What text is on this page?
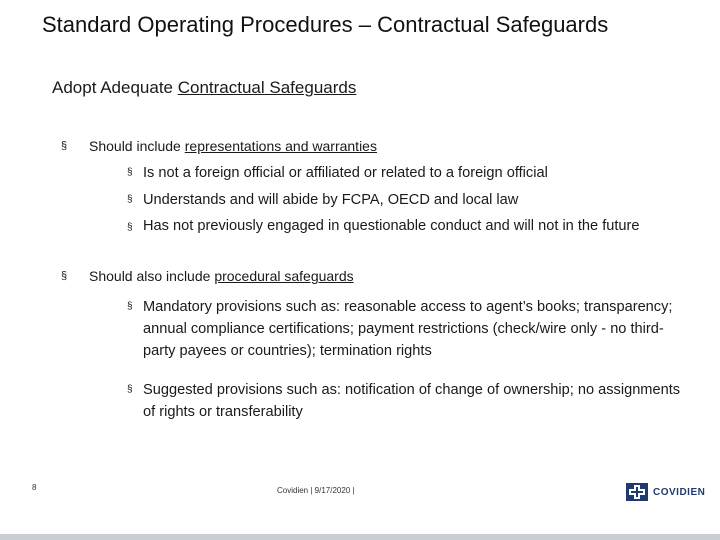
Standard Operating Procedures – Contractual Safeguards
Adopt Adequate Contractual Safeguards
§ Should include representations and warranties
§ Is not a foreign official or affiliated or related to a foreign official
§ Understands and will abide by FCPA, OECD and local law
§ Has not previously engaged in questionable conduct and will not in the future
§ Should also include procedural safeguards
§ Mandatory provisions such as: reasonable access to agent’s books; transparency; annual compliance certifications; payment restrictions (check/wire only - no third-party payees or countries); termination rights
§ Suggested provisions such as: notification of change of ownership; no assignments of rights or transferability
8	Covidien | 9/17/2020 |	COVIDIEN
